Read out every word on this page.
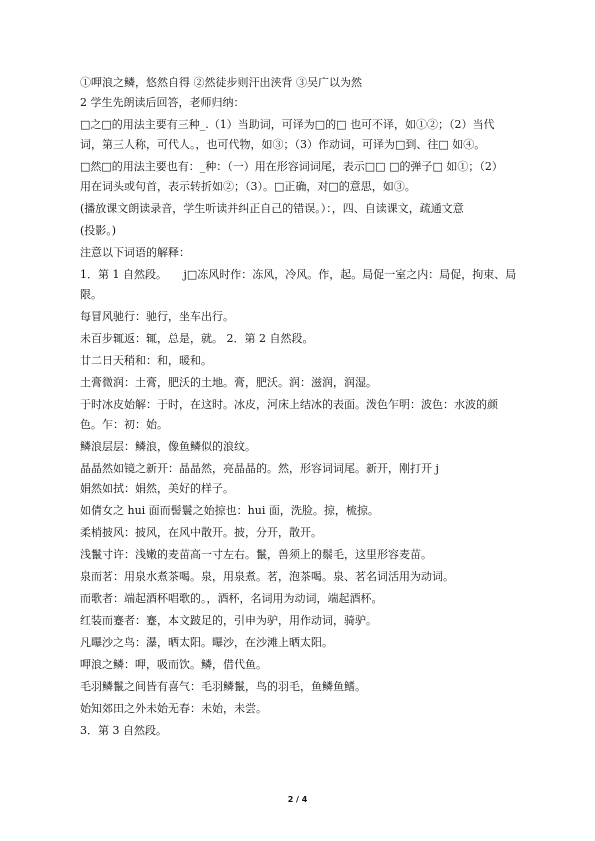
①呷浪之鳞，悠然自得 ②然徒步则汗出浃背 ③吴广以为然

2 学生先朗读后回答，老师归纳：

□之□的用法主要有三种_.（1）当助词，可译为□的□ 也可不译，如①②；（2）当代

词，第三人称，可代人。，也可代物，如③；（3）作动词，可译为□到、往□ 如④。

□然□的用法主要也有：_种：（一）用在形容词词尾，表示□□ □的弹子□ 如①；（2）

用在词头或句首，表示转折如②；（3）。□正确，对□的意思，如③。

(播放课文朗读录音，学生听读并纠正自己的错误。）：，四、自读课文，疏通文意

(投影。)

注意以下词语的解释：

1．第 1 自然段。　　j□冻风时作：冻风，冷风。作，起。局促一室之内：局促，拘束、局

限。

每冒风驰行：驰行，坐车出行。

未百步辄返：辄，总是，就。 2．第 2 自然段。

廿二日天稍和：和，暖和。

土膏微润：土膏，肥沃的土地。膏，肥沃。润：滋润，润湿。

于时冰皮始解：于时，在这时。冰皮，河床上结冰的表面。泼色乍明：波色：水波的颜

色。乍：初：始。

鳞浪层层：鳞浪，像鱼鳞似的浪纹。

晶晶然如镜之新开：晶晶然，亮晶晶的。然，形容词词尾。新开，刚打开 j

娟然如拭：娟然，美好的样子。

如倩女之 hui 面而髻鬟之始掠也：hui 面，洗脸。掠，梳掠。

柔梢披风：披风，在风中散开。披，分开，散开。

浅鬣寸许：浅嫩的麦苗高一寸左右。鬣，兽须上的鬃毛，这里形容麦苗。

泉而茗：用泉水煮茶喝。泉，用泉煮。茗，泡茶喝。泉、茗名词活用为动词。

而歌者：端起酒杯唱歌的。，酒杯，名词用为动词，端起酒杯。

红装而蹇者：蹇，本文跛足的，引申为驴，用作动词，骑驴。

凡曝沙之鸟：瀑，晒太阳。曝沙，在沙滩上晒太阳。

呷浪之鳞：呷，吸而饮。鳞，借代鱼。

毛羽鳞鬣之间皆有喜气：毛羽鳞鬣，鸟的羽毛，鱼鳞鱼鳍。

始知郊田之外未始无春：未始，未尝。

3．第 3 自然段。

2 / 4
